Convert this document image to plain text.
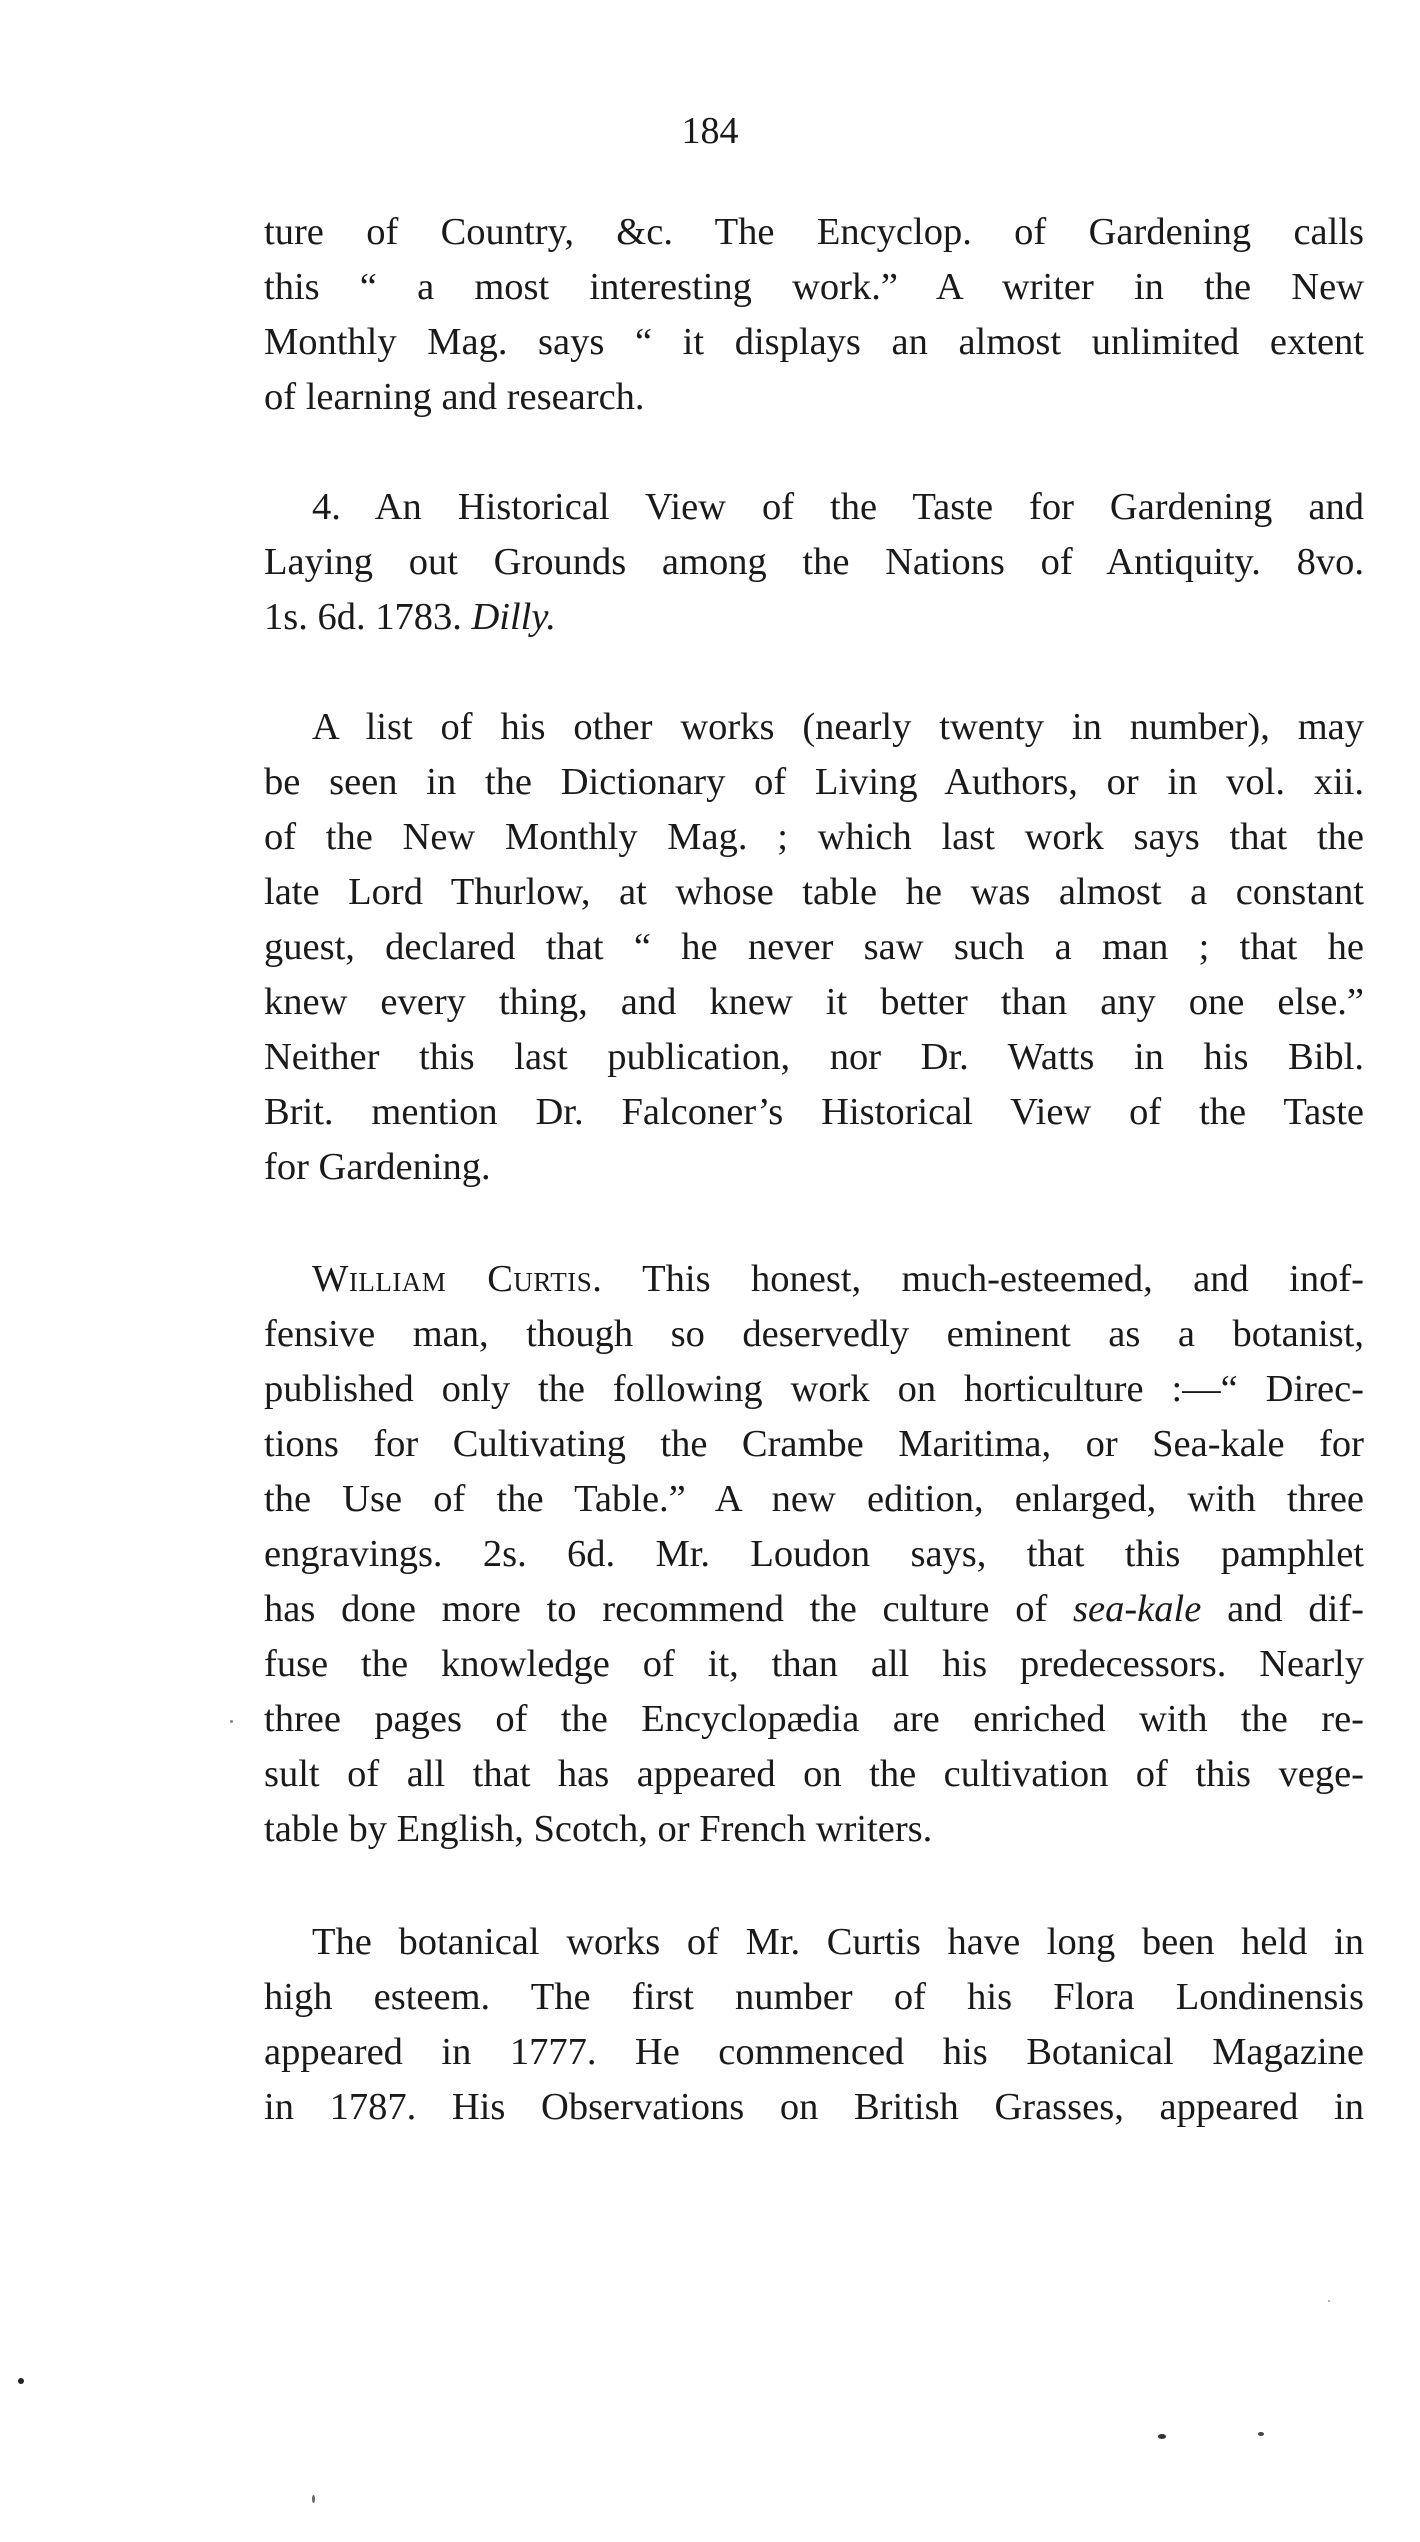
184
ture of Country, &c. The Encyclop. of Gardening calls
this “ a most interesting work.” A writer in the New
Monthly Mag. says “ it displays an almost unlimited extent
of learning and research.
4. An Historical View of the Taste for Gardening and
Laying out Grounds among the Nations of Antiquity. 8vo.
1s. 6d. 1783. Dilly.
A list of his other works (nearly twenty in number), may
be seen in the Dictionary of Living Authors, or in vol. xii.
of the New Monthly Mag. ; which last work says that the
late Lord Thurlow, at whose table he was almost a constant
guest, declared that “ he never saw such a man ; that he
knew every thing, and knew it better than any one else.”
Neither this last publication, nor Dr. Watts in his Bibl.
Brit. mention Dr. Falconer’s Historical View of the Taste
for Gardening.
William Curtis. This honest, much-esteemed, and inof-
fensive man, though so deservedly eminent as a botanist,
published only the following work on horticulture :—“ Direc-
tions for Cultivating the Crambe Maritima, or Sea-kale for
the Use of the Table.” A new edition, enlarged, with three
engravings. 2s. 6d. Mr. Loudon says, that this pamphlet
has done more to recommend the culture of sea-kale and dif-
fuse the knowledge of it, than all his predecessors. Nearly
three pages of the Encyclopædia are enriched with the re-
sult of all that has appeared on the cultivation of this vege-
table by English, Scotch, or French writers.
The botanical works of Mr. Curtis have long been held in
high esteem. The first number of his Flora Londinensis
appeared in 1777. He commenced his Botanical Magazine
in 1787. His Observations on British Grasses, appeared in
